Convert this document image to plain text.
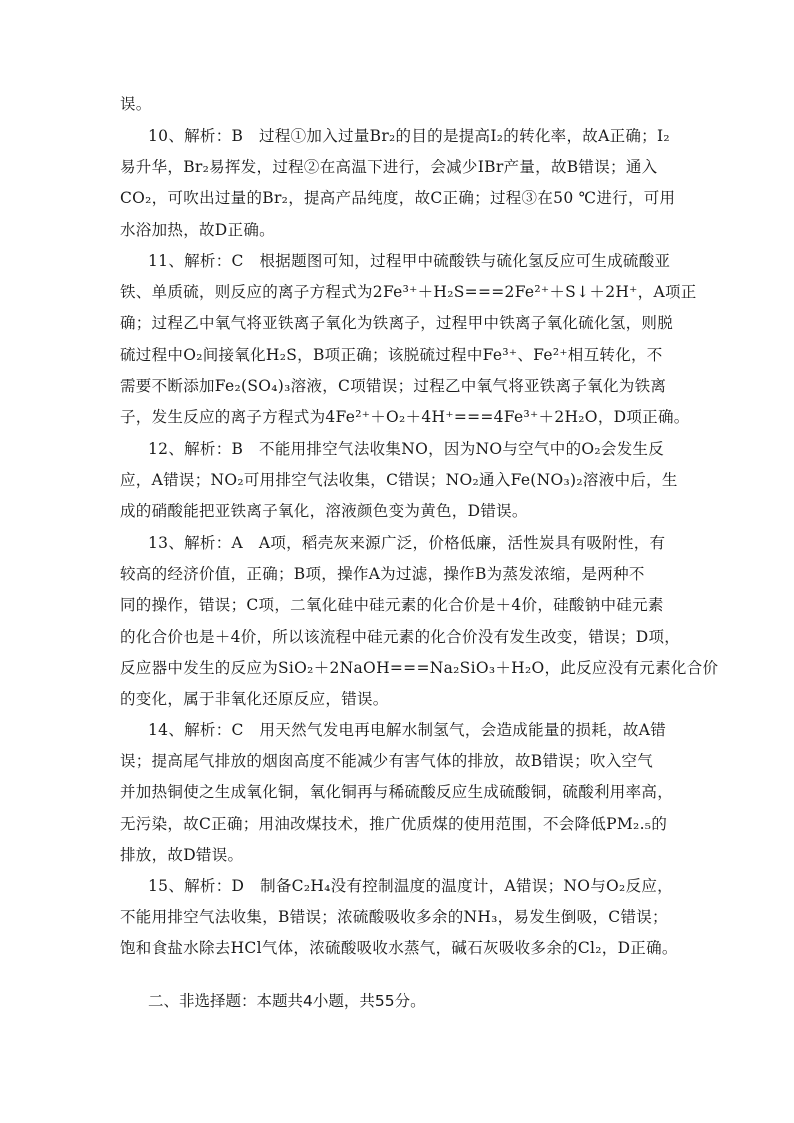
误。
10、解析：B　 过程①加入过量Br₂的目的是提高I₂的转化率，故A正确；I₂
易升华，Br₂易挥发，过程②在高温下进行，会减少IBr产量，故B错误；通入
CO₂，可吹出过量的Br₂，提高产品纯度，故C正确；过程③在50 ℃进行，可用
水浴加热，故D正确。
11、解析：C　 根据题图可知，过程甲中硫酸铁与硫化氢反应可生成硫酸亚
铁、单质硫，则反应的离子方程式为2Fe³⁺＋H₂S===2Fe²⁺＋S↓＋2H⁺，A项正
确；过程乙中氧气将亚铁离子氧化为铁离子，过程甲中铁离子氧化硫化氢，则脱
硫过程中O₂间接氧化H₂S，B项正确；该脱硫过程中Fe³⁺、Fe²⁺相互转化，不
需要不断添加Fe₂(SO₄)₃溶液，C项错误；过程乙中氧气将亚铁离子氧化为铁离
子，发生反应的离子方程式为4Fe²⁺＋O₂＋4H⁺===4Fe³⁺＋2H₂O，D项正确。
12、解析：B　 不能用排空气法收集NO，因为NO与空气中的O₂会发生反
应，A错误；NO₂可用排空气法收集，C错误；NO₂通入Fe(NO₃)₂溶液中后，生
成的硝酸能把亚铁离子氧化，溶液颜色变为黄色，D错误。
13、解析：A　 A项，稻壳灰来源广泛，价格低廉，活性炭具有吸附性，有
较高的经济价值，正确；B项，操作A为过滤，操作B为蒸发浓缩，是两种不
同的操作，错误；C项，二氧化硅中硅元素的化合价是＋4价，硅酸钠中硅元素
的化合价也是＋4价，所以该流程中硅元素的化合价没有发生改变，错误；D项，
反应器中发生的反应为SiO₂＋2NaOH===Na₂SiO₃＋H₂O，此反应没有元素化合价
的变化，属于非氧化还原反应，错误。
14、解析：C　 用天然气发电再电解水制氢气，会造成能量的损耗，故A错
误；提高尾气排放的烟囱高度不能减少有害气体的排放，故B错误；吹入空气
并加热铜使之生成氧化铜，氧化铜再与稀硫酸反应生成硫酸铜，硫酸利用率高，
无污染，故C正确；用油改煤技术，推广优质煤的使用范围，不会降低PM₂.₅的
排放，故D错误。
15、解析：D　 制备C₂H₄没有控制温度的温度计，A错误；NO与O₂反应，
不能用排空气法收集，B错误；浓硫酸吸收多余的NH₃，易发生倒吸，C错误；
饱和食盐水除去HCl气体，浓硫酸吸收水蒸气，碱石灰吸收多余的Cl₂，D正确。
二、非选择题：本题共4小题，共55分。
